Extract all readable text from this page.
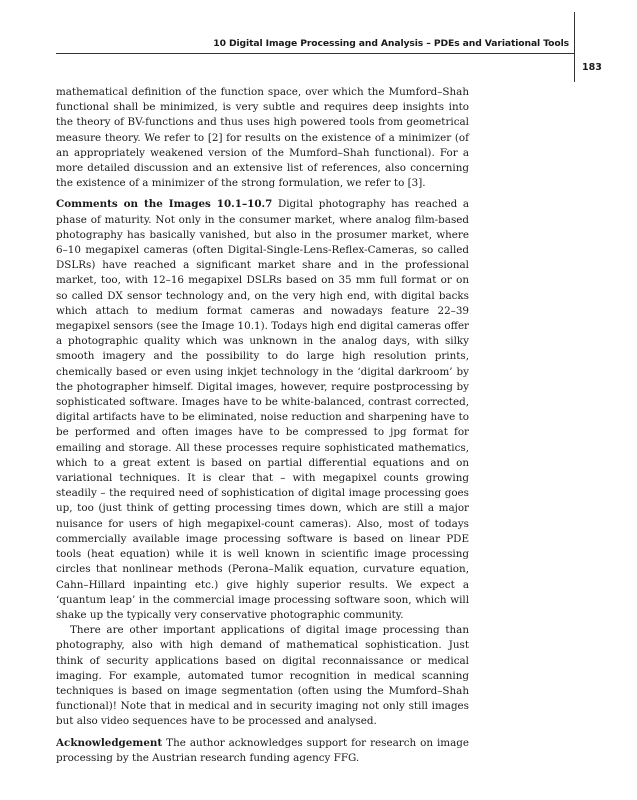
10 Digital Image Processing and Analysis – PDEs and Variational Tools
183

mathematical definition of the function space, over which the Mumford–Shah functional shall be minimized, is very subtle and requires deep insights into the theory of BV-functions and thus uses high powered tools from geometrical measure theory. We refer to [2] for results on the existence of a minimizer (of an appropriately weakened version of the Mumford–Shah functional). For a more detailed discussion and an extensive list of references, also concerning the existence of a minimizer of the strong formulation, we refer to [3].

Comments on the Images 10.1–10.7 Digital photography has reached a phase of maturity. Not only in the consumer market, where analog film-based photography has basically vanished, but also in the prosumer market, where 6–10 megapixel cameras (often Digital-Single-Lens-Reflex-Cameras, so called DSLRs) have reached a significant market share and in the professional market, too, with 12–16 megapixel DSLRs based on 35 mm full format or on so called DX sensor technology and, on the very high end, with digital backs which attach to medium format cameras and nowadays feature 22–39 megapixel sensors (see the Image 10.1). Todays high end digital cameras offer a photographic quality which was unknown in the analog days, with silky smooth imagery and the possibility to do large high resolution prints, chemically based or even using inkjet technology in the ‘digital darkroom’ by the photographer himself. Digital images, however, require postprocessing by sophisticated software. Images have to be white-balanced, contrast corrected, digital artifacts have to be eliminated, noise reduction and sharpening have to be performed and often images have to be compressed to jpg format for emailing and storage. All these processes require sophisticated mathematics, which to a great extent is based on partial differential equations and on variational techniques. It is clear that – with megapixel counts growing steadily – the required need of sophistication of digital image processing goes up, too (just think of getting processing times down, which are still a major nuisance for users of high megapixel-count cameras). Also, most of todays commercially available image processing software is based on linear PDE tools (heat equation) while it is well known in scientific image processing circles that nonlinear methods (Perona–Malik equation, curvature equation, Cahn–Hillard inpainting etc.) give highly superior results. We expect a ‘quantum leap’ in the commercial image processing software soon, which will shake up the typically very conservative photographic community.

There are other important applications of digital image processing than photography, also with high demand of mathematical sophistication. Just think of security applications based on digital reconnaissance or medical imaging. For example, automated tumor recognition in medical scanning techniques is based on image segmentation (often using the Mumford–Shah functional)! Note that in medical and in security imaging not only still images but also video sequences have to be processed and analysed.

Acknowledgement The author acknowledges support for research on image processing by the Austrian research funding agency FFG.
